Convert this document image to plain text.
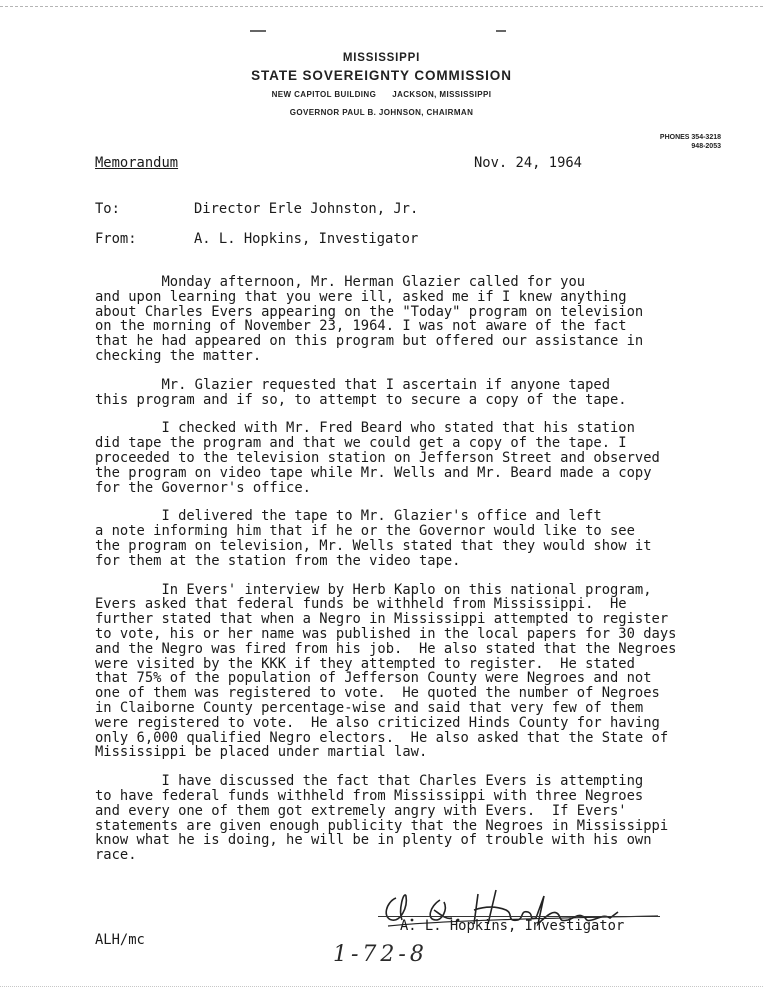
MISSISSIPPI
STATE SOVEREIGNTY COMMISSION
NEW CAPITOL BUILDING JACKSON, MISSISSIPPI
GOVERNOR PAUL B. JOHNSON, CHAIRMAN
PHONES 354-3218
948-2053
Memorandum	Nov. 24, 1964
To:	Director Erle Johnston, Jr.
From:	A. L. Hopkins, Investigator
Monday afternoon, Mr. Herman Glazier called for you
and upon learning that you were ill, asked me if I knew anything
about Charles Evers appearing on the "Today" program on television
on the morning of November 23, 1964. I was not aware of the fact
that he had appeared on this program but offered our assistance in
checking the matter.
Mr. Glazier requested that I ascertain if anyone taped
this program and if so, to attempt to secure a copy of the tape.
I checked with Mr. Fred Beard who stated that his station
did tape the program and that we could get a copy of the tape. I
proceeded to the television station on Jefferson Street and observed
the program on video tape while Mr. Wells and Mr. Beard made a copy
for the Governor's office.
I delivered the tape to Mr. Glazier's office and left
a note informing him that if he or the Governor would like to see
the program on television, Mr. Wells stated that they would show it
for them at the station from the video tape.
In Evers' interview by Herb Kaplo on this national program,
Evers asked that federal funds be withheld from Mississippi.  He
further stated that when a Negro in Mississippi attempted to register
to vote, his or her name was published in the local papers for 30 days
and the Negro was fired from his job.  He also stated that the Negroes
were visited by the KKK if they attempted to register.  He stated
that 75% of the population of Jefferson County were Negroes and not
one of them was registered to vote.  He quoted the number of Negroes
in Claiborne County percentage-wise and said that very few of them
were registered to vote.  He also criticized Hinds County for having
only 6,000 qualified Negro electors.  He also asked that the State of
Mississippi be placed under martial law.
I have discussed the fact that Charles Evers is attempting
to have federal funds withheld from Mississippi with three Negroes
and every one of them got extremely angry with Evers.  If Evers'
statements are given enough publicity that the Negroes in Mississippi
know what he is doing, he will be in plenty of trouble with his own
race.
A. L. Hopkins, Investigator
ALH/mc
1-72-8
